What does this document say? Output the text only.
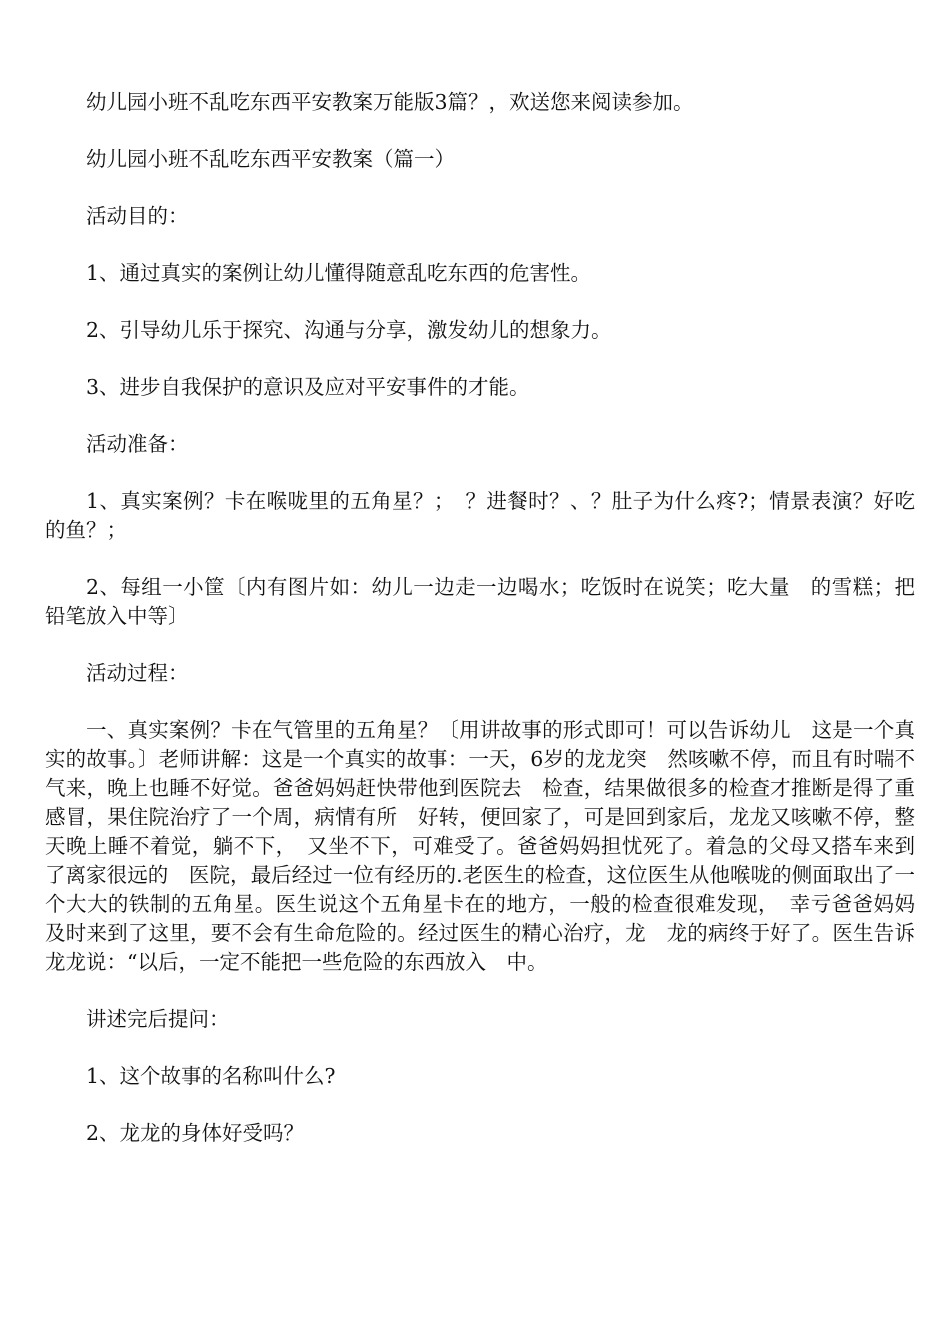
幼儿园小班不乱吃东西平安教案万能版3篇？，欢送您来阅读参加。

幼儿园小班不乱吃东西平安教案（篇一）

活动目的：

1、通过真实的案例让幼儿懂得随意乱吃东西的危害性。

2、引导幼儿乐于探究、沟通与分享，激发幼儿的想象力。

3、进步自我保护的意识及应对平安事件的才能。

活动准备：

1、真实案例？卡在喉咙里的五角星？；　？进餐时？、？肚子为什么疼?；情景表演？好吃的鱼？；

2、每组一小筐〔内有图片如：幼儿一边走一边喝水；吃饭时在说笑；吃大量　的雪糕；把铅笔放入中等〕

活动过程：

一、真实案例？卡在气管里的五角星？〔用讲故事的形式即可！可以告诉幼儿　这是一个真实的故事。〕老师讲解：这是一个真实的故事：一天，6岁的龙龙突　然咳嗽不停，而且有时喘不气来，晚上也睡不好觉。爸爸妈妈赶快带他到医院去　检查，结果做很多的检查才推断是得了重感冒，果住院治疗了一个周，病情有所　好转，便回家了，可是回到家后，龙龙又咳嗽不停，整天晚上睡不着觉，躺不下，　又坐不下，可难受了。爸爸妈妈担忧死了。着急的父母又搭车来到了离家很远的　医院，最后经过一位有经历的.老医生的检查，这位医生从他喉咙的侧面取出了一　个大大的铁制的五角星。医生说这个五角星卡在的地方，一般的检查很难发现，　幸亏爸爸妈妈及时来到了这里，要不会有生命危险的。经过医生的精心治疗，龙　龙的病终于好了。医生告诉龙龙说：“以后，一定不能把一些危险的东西放入　中。

讲述完后提问：

1、这个故事的名称叫什么?

2、龙龙的身体好受吗？
